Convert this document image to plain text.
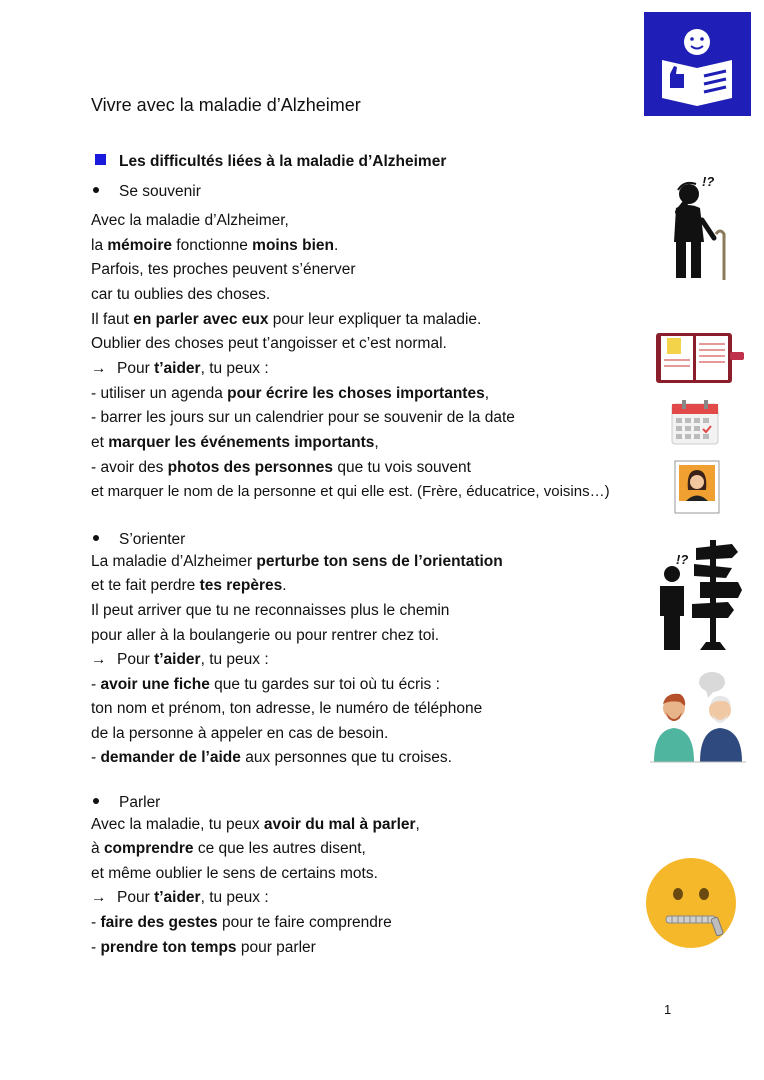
Vivre avec la maladie d’Alzheimer
Les difficultés liées à la maladie d’Alzheimer
Se souvenir
Avec la maladie d’Alzheimer,
la mémoire fonctionne moins bien.
Parfois, tes proches peuvent s’énerver
car tu oublies des choses.
Il faut en parler avec eux pour leur expliquer ta maladie.
Oublier des choses peut t’angoisser et c’est normal.
→ Pour t’aider, tu peux :
- utiliser un agenda pour écrire les choses importantes,
- barrer les jours sur un calendrier pour se souvenir de la date
et marquer les événements importants,
- avoir des photos des personnes que tu vois souvent
et marquer le nom de la personne et qui elle est. (Frère, éducatrice, voisins…)
S’orienter
La maladie d’Alzheimer perturbe ton sens de l’orientation
et te fait perdre tes repères.
Il peut arriver que tu ne reconnaisses plus le chemin
pour aller à la boulangerie ou pour rentrer chez toi.
→ Pour t’aider, tu peux :
- avoir une fiche que tu gardes sur toi où tu écris :
ton nom et prénom, ton adresse, le numéro de téléphone
de la personne à appeler en cas de besoin.
- demander de l’aide aux personnes que tu croises.
Parler
Avec la maladie, tu peux avoir du mal à parler,
à comprendre ce que les autres disent,
et même oublier le sens de certains mots.
→ Pour t’aider, tu peux :
- faire des gestes pour te faire comprendre
- prendre ton temps pour parler
1
!?
!?
